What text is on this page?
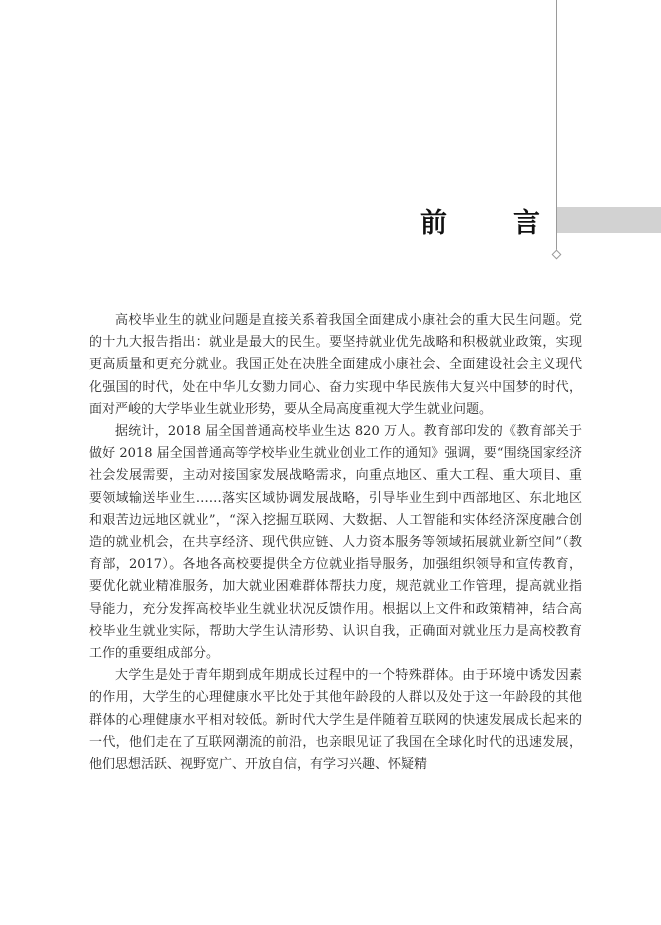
前 言

高校毕业生的就业问题是直接关系着我国全面建成小康社会的重大民生问题。党的十九大报告指出：就业是最大的民生。要坚持就业优先战略和积极就业政策，实现更高质量和更充分就业。我国正处在决胜全面建成小康社会、全面建设社会主义现代化强国的时代，处在中华儿女勠力同心、奋力实现中华民族伟大复兴中国梦的时代，面对严峻的大学毕业生就业形势，要从全局高度重视大学生就业问题。

据统计，2018 届全国普通高校毕业生达 820 万人。教育部印发的《教育部关于做好 2018 届全国普通高等学校毕业生就业创业工作的通知》强调，要“围绕国家经济社会发展需要，主动对接国家发展战略需求，向重点地区、重大工程、重大项目、重要领域输送毕业生……落实区域协调发展战略，引导毕业生到中西部地区、东北地区和艰苦边远地区就业”，“深入挖掘互联网、大数据、人工智能和实体经济深度融合创造的就业机会，在共享经济、现代供应链、人力资本服务等领域拓展就业新空间”（教育部，2017）。各地各高校要提供全方位就业指导服务，加强组织领导和宣传教育，要优化就业精准服务，加大就业困难群体帮扶力度，规范就业工作管理，提高就业指导能力，充分发挥高校毕业生就业状况反馈作用。根据以上文件和政策精神，结合高校毕业生就业实际，帮助大学生认清形势、认识自我，正确面对就业压力是高校教育工作的重要组成部分。

大学生是处于青年期到成年期成长过程中的一个特殊群体。由于环境中诱发因素的作用，大学生的心理健康水平比处于其他年龄段的人群以及处于这一年龄段的其他群体的心理健康水平相对较低。新时代大学生是伴随着互联网的快速发展成长起来的一代，他们走在了互联网潮流的前沿，也亲眼见证了我国在全球化时代的迅速发展，他们思想活跃、视野宽广、开放自信，有学习兴趣、怀疑精
